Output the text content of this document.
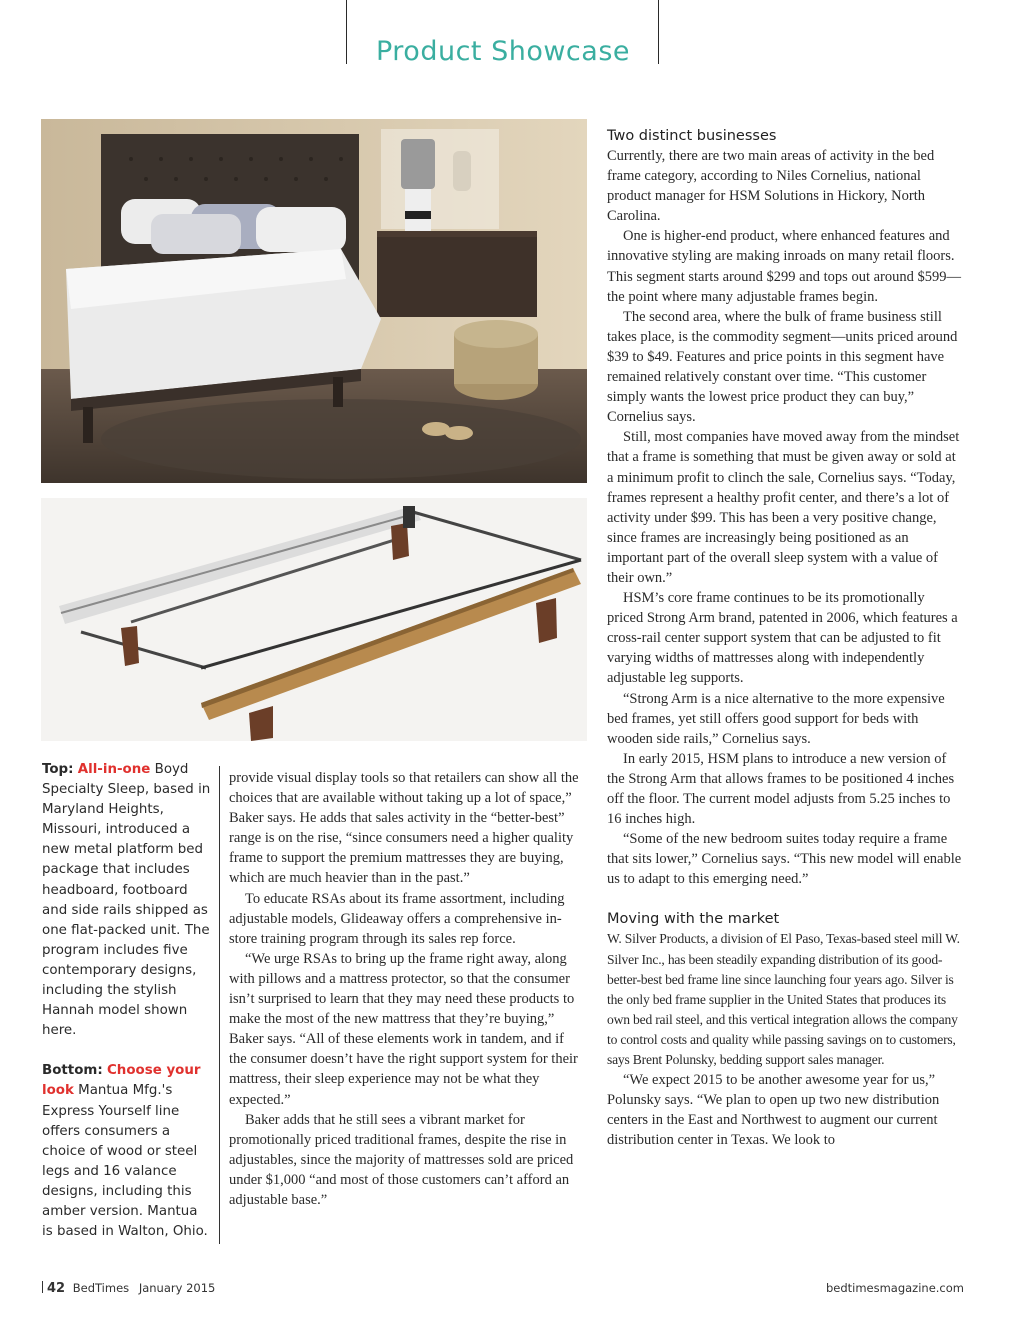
Product Showcase

Top: All-in-one Boyd Specialty Sleep, based in Maryland Heights, Missouri, introduced a new metal platform bed package that includes headboard, footboard and side rails shipped as one flat-packed unit. The program includes five contemporary designs, including the stylish Hannah model shown here.

Bottom: Choose your look Mantua Mfg.'s Express Yourself line offers consumers a choice of wood or steel legs and 16 valance designs, including this amber version. Mantua is based in Walton, Ohio.

provide visual display tools so that retailers can show all the choices that are available without taking up a lot of space,” Baker says. He adds that sales activity in the “better-best” range is on the rise, “since consumers need a higher quality frame to support the premium mattresses they are buying, which are much heavier than in the past.”

To educate RSAs about its frame assortment, including adjustable models, Glideaway offers a comprehensive in-store training program through its sales rep force.

“We urge RSAs to bring up the frame right away, along with pillows and a mattress protector, so that the consumer isn’t surprised to learn that they may need these products to make the most of the new mattress that they’re buying,” Baker says. “All of these elements work in tandem, and if the consumer doesn’t have the right support system for their mattress, their sleep experience may not be what they expected.”

Baker adds that he still sees a vibrant market for promotionally priced traditional frames, despite the rise in adjustables, since the majority of mattresses sold are priced under $1,000 “and most of those customers can’t afford an adjustable base.”

Two distinct businesses

Currently, there are two main areas of activity in the bed frame category, according to Niles Cornelius, national product manager for HSM Solutions in Hickory, North Carolina.

One is higher-end product, where enhanced features and innovative styling are making inroads on many retail floors. This segment starts around $299 and tops out around $599—the point where many adjustable frames begin.

The second area, where the bulk of frame business still takes place, is the commodity segment—units priced around $39 to $49. Features and price points in this segment have remained relatively constant over time. “This customer simply wants the lowest price product they can buy,” Cornelius says.

Still, most companies have moved away from the mindset that a frame is something that must be given away or sold at a minimum profit to clinch the sale, Cornelius says. “Today, frames represent a healthy profit center, and there’s a lot of activity under $99. This has been a very positive change, since frames are increasingly being positioned as an important part of the overall sleep system with a value of their own.”

HSM’s core frame continues to be its promotionally priced Strong Arm brand, patented in 2006, which features a cross-rail center support system that can be adjusted to fit varying widths of mattresses along with independently adjustable leg supports.

“Strong Arm is a nice alternative to the more expensive bed frames, yet still offers good support for beds with wooden side rails,” Cornelius says.

In early 2015, HSM plans to introduce a new version of the Strong Arm that allows frames to be positioned 4 inches off the floor. The current model adjusts from 5.25 inches to 16 inches high.

“Some of the new bedroom suites today require a frame that sits lower,” Cornelius says. “This new model will enable us to adapt to this emerging need.”

Moving with the market

W. Silver Products, a division of El Paso, Texas-based steel mill W. Silver Inc., has been steadily expanding distribution of its good-better-best bed frame line since launching four years ago. Silver is the only bed frame supplier in the United States that produces its own bed rail steel, and this vertical integration allows the company to control costs and quality while passing savings on to customers, says Brent Polunsky, bedding support sales manager.

“We expect 2015 to be another awesome year for us,” Polunsky says. “We plan to open up two new distribution centers in the East and Northwest to augment our current distribution center in Texas. We look to

42 BedTimes January 2015	bedtimesmagazine.com
